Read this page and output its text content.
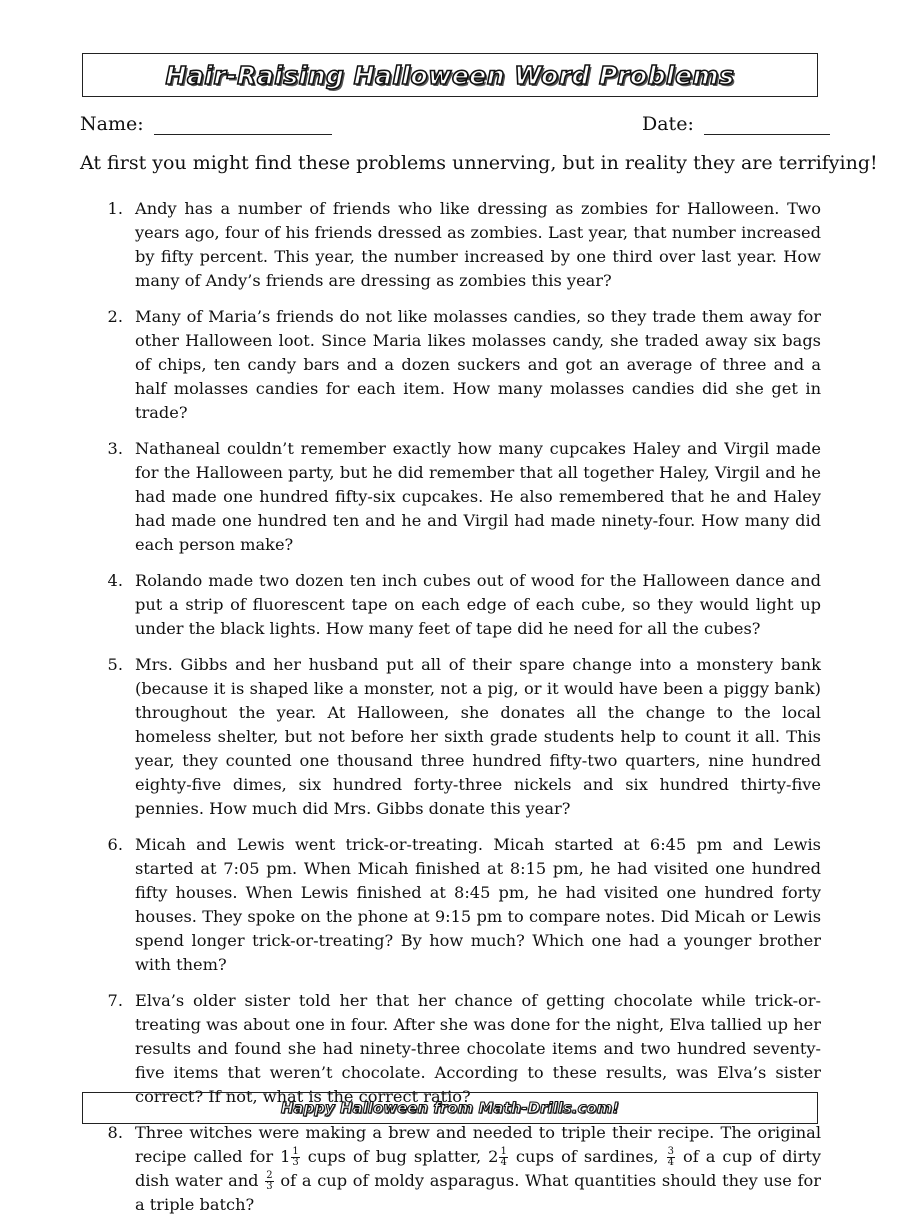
Hair-Raising Halloween Word Problems
Name:	Date:
At first you might find these problems unnerving, but in reality they are terrifying!
1. Andy has a number of friends who like dressing as zombies for Halloween. Two years ago, four of his friends dressed as zombies. Last year, that number increased by fifty percent. This year, the number increased by one third over last year. How many of Andy’s friends are dressing as zombies this year?
2. Many of Maria’s friends do not like molasses candies, so they trade them away for other Halloween loot. Since Maria likes molasses candy, she traded away six bags of chips, ten candy bars and a dozen suckers and got an average of three and a half molasses candies for each item. How many molasses candies did she get in trade?
3. Nathaneal couldn’t remember exactly how many cupcakes Haley and Virgil made for the Halloween party, but he did remember that all together Haley, Virgil and he had made one hundred fifty-six cupcakes. He also remembered that he and Haley had made one hundred ten and he and Virgil had made ninety-four. How many did each person make?
4. Rolando made two dozen ten inch cubes out of wood for the Halloween dance and put a strip of fluorescent tape on each edge of each cube, so they would light up under the black lights. How many feet of tape did he need for all the cubes?
5. Mrs. Gibbs and her husband put all of their spare change into a monstery bank (because it is shaped like a monster, not a pig, or it would have been a piggy bank) throughout the year. At Halloween, she donates all the change to the local homeless shelter, but not before her sixth grade students help to count it all. This year, they counted one thousand three hundred fifty-two quarters, nine hundred eighty-five dimes, six hundred forty-three nickels and six hundred thirty-five pennies. How much did Mrs. Gibbs donate this year?
6. Micah and Lewis went trick-or-treating. Micah started at 6:45 pm and Lewis started at 7:05 pm. When Micah finished at 8:15 pm, he had visited one hundred fifty houses. When Lewis finished at 8:45 pm, he had visited one hundred forty houses. They spoke on the phone at 9:15 pm to compare notes. Did Micah or Lewis spend longer trick-or-treating? By how much? Which one had a younger brother with them?
7. Elva’s older sister told her that her chance of getting chocolate while trick-or-treating was about one in four. After she was done for the night, Elva tallied up her results and found she had ninety-three chocolate items and two hundred seventy-five items that weren’t chocolate. According to these results, was Elva’s sister correct? If not, what is the correct ratio?
8. Three witches were making a brew and needed to triple their recipe. The original recipe called for $1 \frac{1}{3}$ cups of bug splatter, $2 \frac{1}{4}$ cups of sardines, $\frac{3}{4}$ of a cup of dirty dish water and $\frac{2}{3}$ of a cup of moldy asparagus. What quantities should they use for a triple batch?
Happy Halloween from Math-Drills.com!
